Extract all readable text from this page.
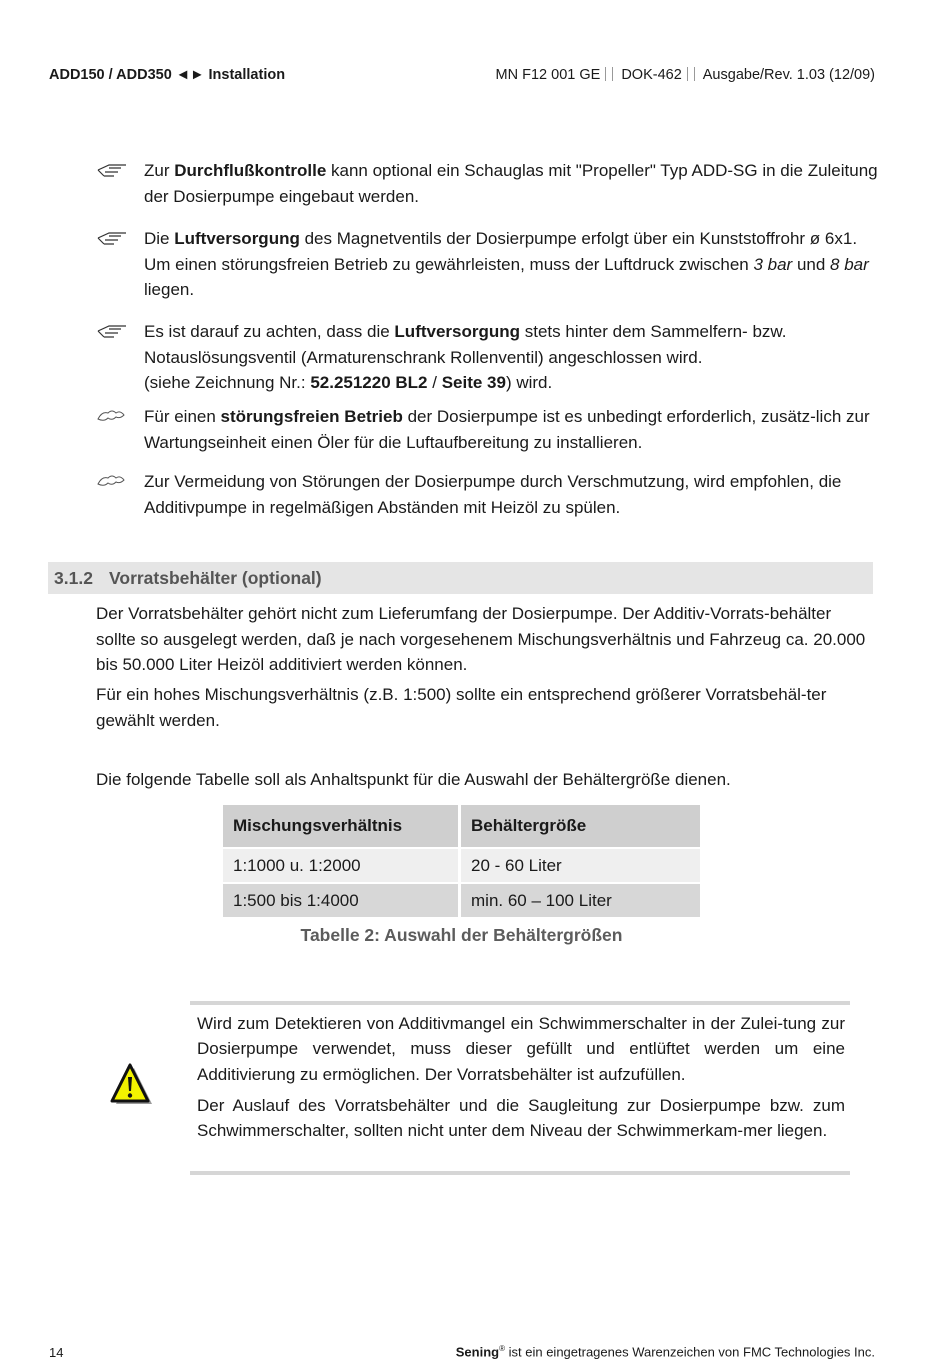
ADD150 / ADD350 ◄► Installation	MN F12 001 GE DOK-462 Ausgabe/Rev. 1.03 (12/09)
Zur Durchflußkontrolle kann optional ein Schauglas mit "Propeller" Typ ADD-SG in die Zuleitung der Dosierpumpe eingebaut werden.
Die Luftversorgung des Magnetventils der Dosierpumpe erfolgt über ein Kunststoffrohr ø 6x1. Um einen störungsfreien Betrieb zu gewährleisten, muss der Luftdruck zwischen 3 bar und 8 bar liegen.
Es ist darauf zu achten, dass die Luftversorgung stets hinter dem Sammelfern- bzw. Notauslösungsventil (Armaturenschrank Rollenventil) angeschlossen wird.
(siehe Zeichnung Nr.: 52.251220 BL2 / Seite 39) wird.
Für einen störungsfreien Betrieb der Dosierpumpe ist es unbedingt erforderlich, zusätz-lich zur Wartungseinheit einen Öler für die Luftaufbereitung zu installieren.
Zur Vermeidung von Störungen der Dosierpumpe durch Verschmutzung, wird empfohlen, die Additivpumpe in regelmäßigen Abständen mit Heizöl zu spülen.
3.1.2 Vorratsbehälter (optional)
Der Vorratsbehälter gehört nicht zum Lieferumfang der Dosierpumpe. Der Additiv-Vorrats-behälter sollte so ausgelegt werden, daß je nach vorgesehenem Mischungsverhältnis und Fahrzeug ca. 20.000 bis 50.000 Liter Heizöl additiviert werden können.
Für ein hohes Mischungsverhältnis (z.B. 1:500) sollte ein entsprechend größerer Vorratsbehäl-ter gewählt werden.
Die folgende Tabelle soll als Anhaltspunkt für die Auswahl der Behältergröße dienen.
Mischungsverhältnis	Behältergröße
1:1000 u. 1:2000	20 - 60 Liter
1:500 bis 1:4000	min. 60 – 100 Liter
Tabelle 2: Auswahl der Behältergrößen

Wird zum Detektieren von Additivmangel ein Schwimmerschalter in der Zulei-tung zur Dosierpumpe verwendet, muss dieser gefüllt und entlüftet werden um eine Additivierung zu ermöglichen. Der Vorratsbehälter ist aufzufüllen.

Der Auslauf des Vorratsbehälter und die Saugleitung zur Dosierpumpe bzw. zum Schwimmerschalter, sollten nicht unter dem Niveau der Schwimmerkam-mer liegen.

14	Sening® ist ein eingetragenes Warenzeichen von FMC Technologies Inc.
